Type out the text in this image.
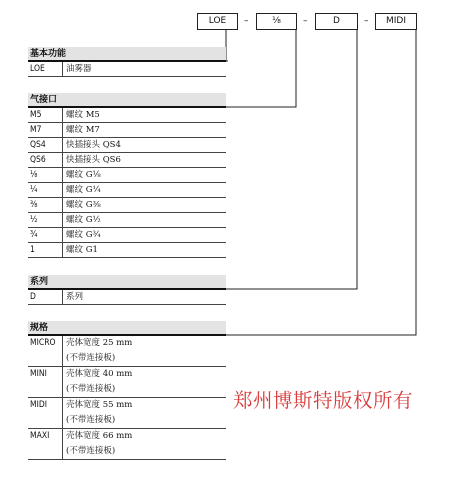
LOE	–	⅛	–	D	–	MIDI
基本功能
LOE	油雾器
气接口
M5	螺纹 M5
M7	螺纹 M7
QS4	快插接头 QS4
QS6	快插接头 QS6
⅛	螺纹 G⅛
¼	螺纹 G¼
⅜	螺纹 G⅜
½	螺纹 G½
¾	螺纹 G¾
1	螺纹 G1
系列
D	系列
规格
MICRO	壳体宽度 25 mm
(不带连接板)
MINI	壳体宽度 40 mm
(不带连接板)
MIDI	壳体宽度 55 mm
(不带连接板)
MAXI	壳体宽度 66 mm
(不带连接板)
郑州博斯特版权所有
